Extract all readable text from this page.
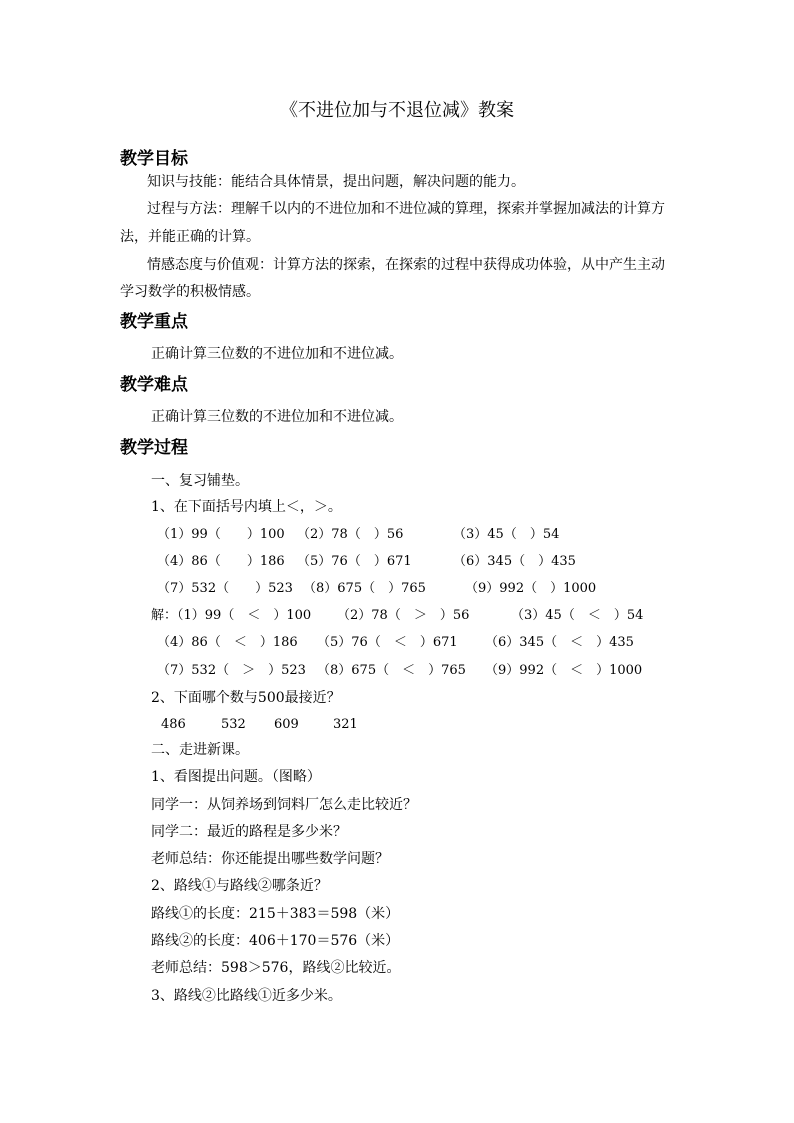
《不进位加与不退位减》教案
教学目标
知识与技能：能结合具体情景，提出问题，解决问题的能力。
过程与方法：理解千以内的不进位加和不进位减的算理，探索并掌握加减法的计算方
法，并能正确的计算。
情感态度与价值观：计算方法的探索，在探索的过程中获得成功体验，从中产生主动
学习数学的积极情感。
教学重点
正确计算三位数的不进位加和不进位减。
教学难点
正确计算三位数的不进位加和不进位减。
教学过程
一、复习铺垫。
1、在下面括号内填上＜，＞。
（1）99（　　）100 （2）78（　）56	（3）45（　）54
（4）86（　　）186 （5）76（　）671	（6）345（　）435
（7）532（　　）523 （8）675（　）765	（9）992（　）1000
解：（1）99（　＜　）100 （2）78（　＞　）56	（3）45（　＜　）54
（4）86（　＜　）186 （5）76（　＜　）671 （6）345（　＜　）435
（7）532（　＞　）523 （8）675（　＜　）765 （9）992（　＜　）1000
2、下面哪个数与500最接近？
486	532 609	321
二、走进新课。
1、看图提出问题。（图略）
同学一：从饲养场到饲料厂怎么走比较近？
同学二：最近的路程是多少米？
老师总结：你还能提出哪些数学问题？
2、路线①与路线②哪条近？
路线①的长度：215＋383＝598（米）
路线②的长度：406＋170＝576（米）
老师总结：598＞576，路线②比较近。
3、路线②比路线①近多少米。
